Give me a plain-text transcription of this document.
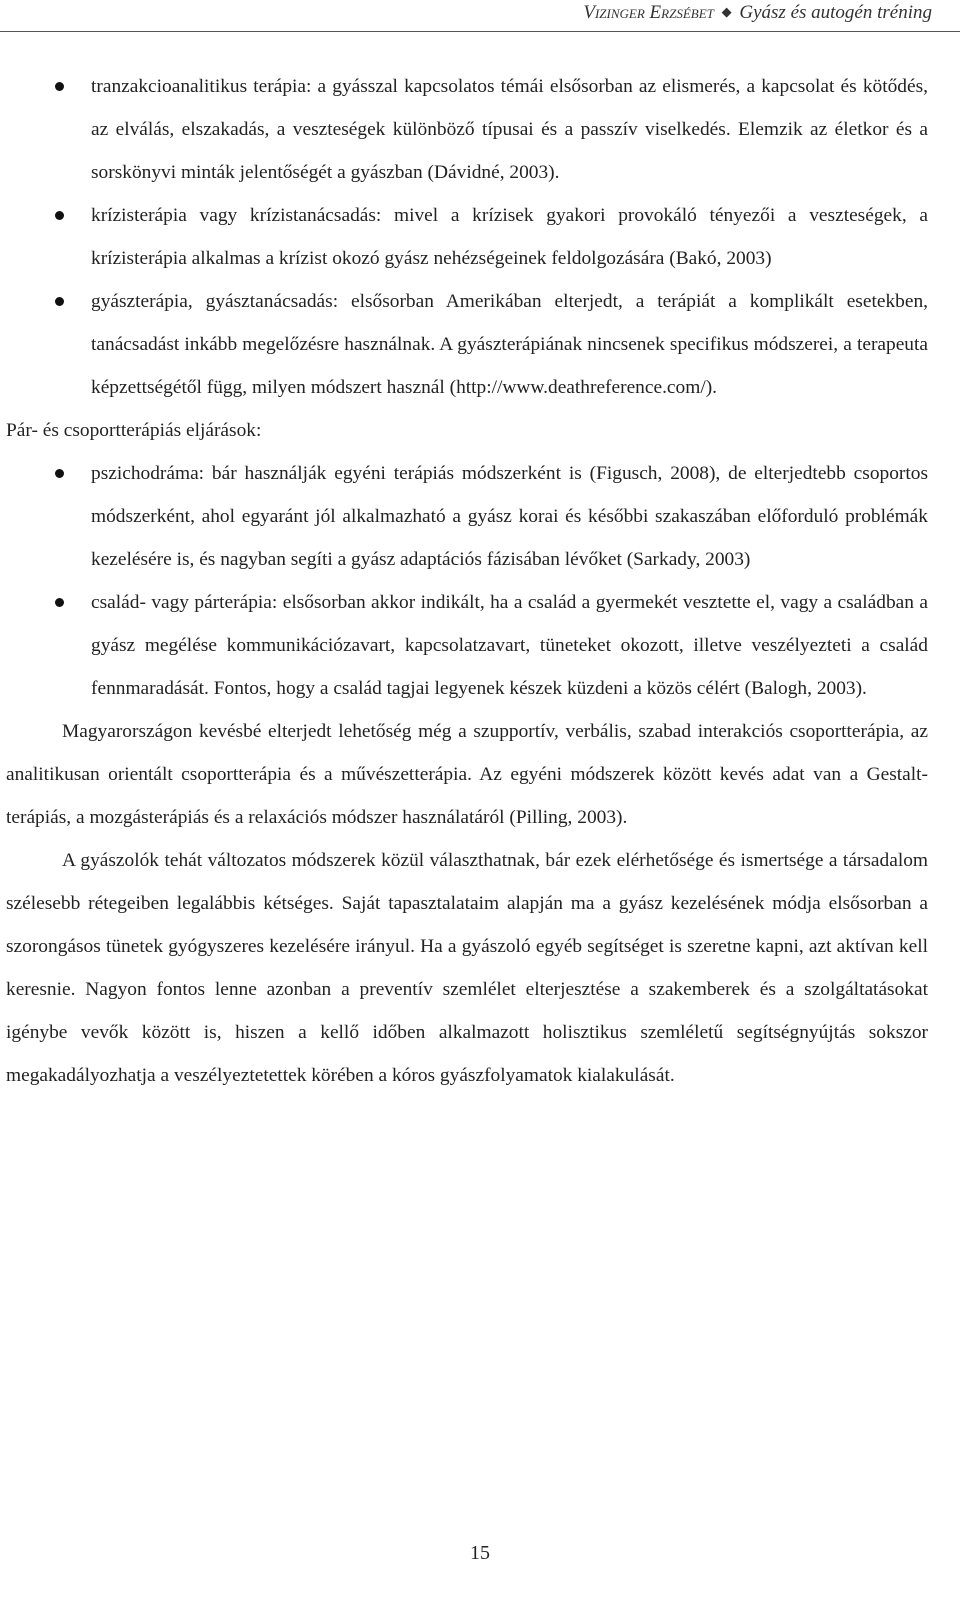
Vizinger Erzsébet ◆ Gyász és autogén tréning
tranzakcioanalitikus terápia: a gyásszal kapcsolatos témái elsősorban az elismerés, a kapcsolat és kötődés, az elválás, elszakadás, a veszteségek különböző típusai és a passzív viselkedés. Elemzik az életkor és a sorskönyvi minták jelentőségét a gyászban (Dávidné, 2003).
krízisterápia vagy krízistanácsadás: mivel a krízisek gyakori provokáló tényezői a veszteségek, a krízisterápia alkalmas a krízist okozó gyász nehézségeinek feldolgozására (Bakó, 2003)
gyászterápia, gyásztanácsadás: elsősorban Amerikában elterjedt, a terápiát a komplikált esetekben, tanácsadást inkább megelőzésre használnak. A gyászterápiának nincsenek specifikus módszerei, a terapeuta képzettségétől függ, milyen módszert használ (http://www.deathreference.com/).

Pár- és csoportterápiás eljárások:

pszichodráma: bár használják egyéni terápiás módszerként is (Figusch, 2008), de elterjedtebb csoportos módszerként, ahol egyaránt jól alkalmazható a gyász korai és későbbi szakaszában előforduló problémák kezelésére is, és nagyban segíti a gyász adaptációs fázisában lévőket (Sarkady, 2003)
család- vagy párterápia: elsősorban akkor indikált, ha a család a gyermekét vesztette el, vagy a családban a gyász megélése kommunikációzavart, kapcsolatzavart, tüneteket okozott, illetve veszélyezteti a család fennmaradását. Fontos, hogy a család tagjai legyenek készek küzdeni a közös célért (Balogh, 2003).

Magyarországon kevésbé elterjedt lehetőség még a szupportív, verbális, szabad interakciós csoportterápia, az analitikusan orientált csoportterápia és a művészetterápia. Az egyéni módszerek között kevés adat van a Gestalt-terápiás, a mozgásterápiás és a relaxációs módszer használatáról (Pilling, 2003).

A gyászolók tehát változatos módszerek közül választhatnak, bár ezek elérhetősége és ismertsége a társadalom szélesebb rétegeiben legalábbis kétséges. Saját tapasztalataim alapján ma a gyász kezelésének módja elsősorban a szorongásos tünetek gyógyszeres kezelésére irányul. Ha a gyászoló egyéb segítséget is szeretne kapni, azt aktívan kell keresnie. Nagyon fontos lenne azonban a preventív szemlélet elterjesztése a szakemberek és a szolgáltatásokat igénybe vevők között is, hiszen a kellő időben alkalmazott holisztikus szemléletű segítségnyújtás sokszor megakadályozhatja a veszélyeztetettek körében a kóros gyászfolyamatok kialakulását.

15
